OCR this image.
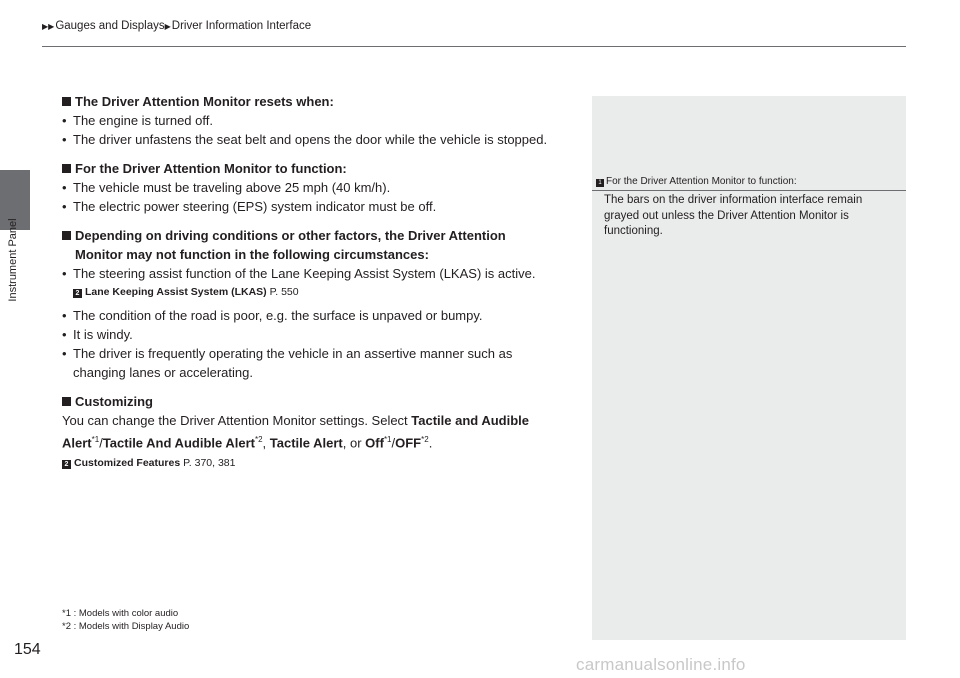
Instrument Panel
▶▶Gauges and Displays▶Driver Information Interface
The Driver Attention Monitor resets when:
• The engine is turned off.
• The driver unfastens the seat belt and opens the door while the vehicle is stopped.
For the Driver Attention Monitor to function:
• The vehicle must be traveling above 25 mph (40 km/h).
• The electric power steering (EPS) system indicator must be off.
Depending on driving conditions or other factors, the Driver Attention
Monitor may not function in the following circumstances:
• The steering assist function of the Lane Keeping Assist System (LKAS) is active.
2 Lane Keeping Assist System (LKAS) P. 550
• The condition of the road is poor, e.g. the surface is unpaved or bumpy.
• It is windy.
• The driver is frequently operating the vehicle in an assertive manner such as
changing lanes or accelerating.
Customizing
You can change the Driver Attention Monitor settings. Select Tactile and Audible
Alert$^{*1}$/Tactile And Audible Alert$^{*2}$, Tactile Alert, or Off$^{*1}$/OFF$^{*2}$.
2 Customized Features P. 370, 381
*1 : Models with color audio
*2 : Models with Display Audio
154
1 For the Driver Attention Monitor to function:
The bars on the driver information interface remain grayed out unless the Driver Attention Monitor is functioning.
carmanualsonline.info
